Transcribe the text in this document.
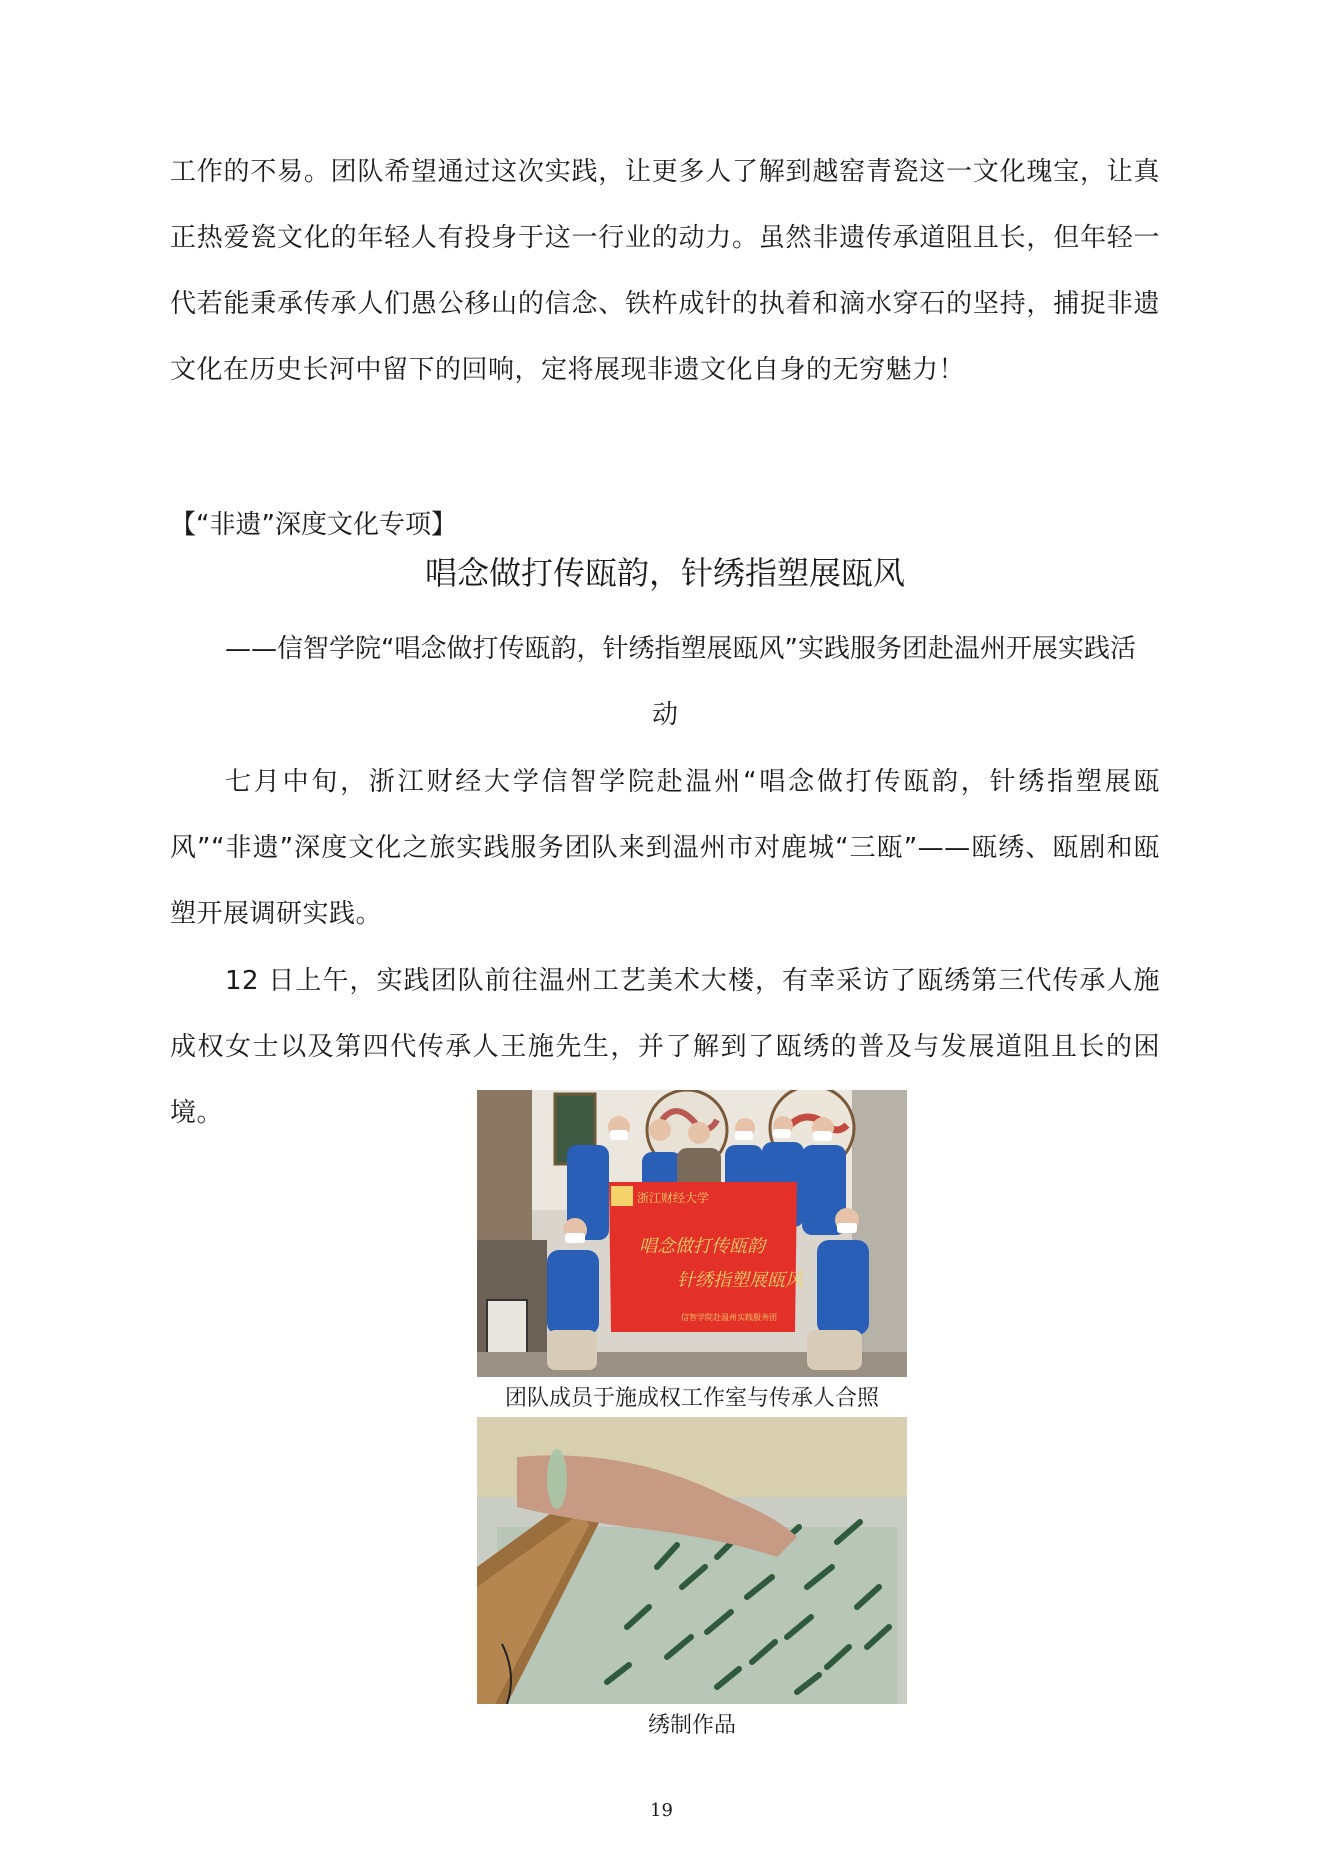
工作的不易。团队希望通过这次实践，让更多人了解到越窑青瓷这一文化瑰宝，让真正热爱瓷文化的年轻人有投身于这一行业的动力。虽然非遗传承道阻且长，但年轻一代若能秉承传承人们愚公移山的信念、铁杵成针的执着和滴水穿石的坚持，捕捉非遗文化在历史长河中留下的回响，定将展现非遗文化自身的无穷魅力！

【“非遗”深度文化专项】
唱念做打传瓯韵，针绣指塑展瓯风
——信智学院“唱念做打传瓯韵，针绣指塑展瓯风”实践服务团赴温州开展实践活
动

七月中旬，浙江财经大学信智学院赴温州“唱念做打传瓯韵，针绣指塑展瓯风”“非遗”深度文化之旅实践服务团队来到温州市对鹿城“三瓯”——瓯绣、瓯剧和瓯塑开展调研实践。

12 日上午，实践团队前往温州工艺美术大楼，有幸采访了瓯绣第三代传承人施成权女士以及第四代传承人王施先生，并了解到了瓯绣的普及与发展道阻且长的困境。

浙江财经大学
唱念做打传瓯韵
针绣指塑展瓯风
信智学院赴温州实践服务团
团队成员于施成权工作室与传承人合照
绣制作品
19
